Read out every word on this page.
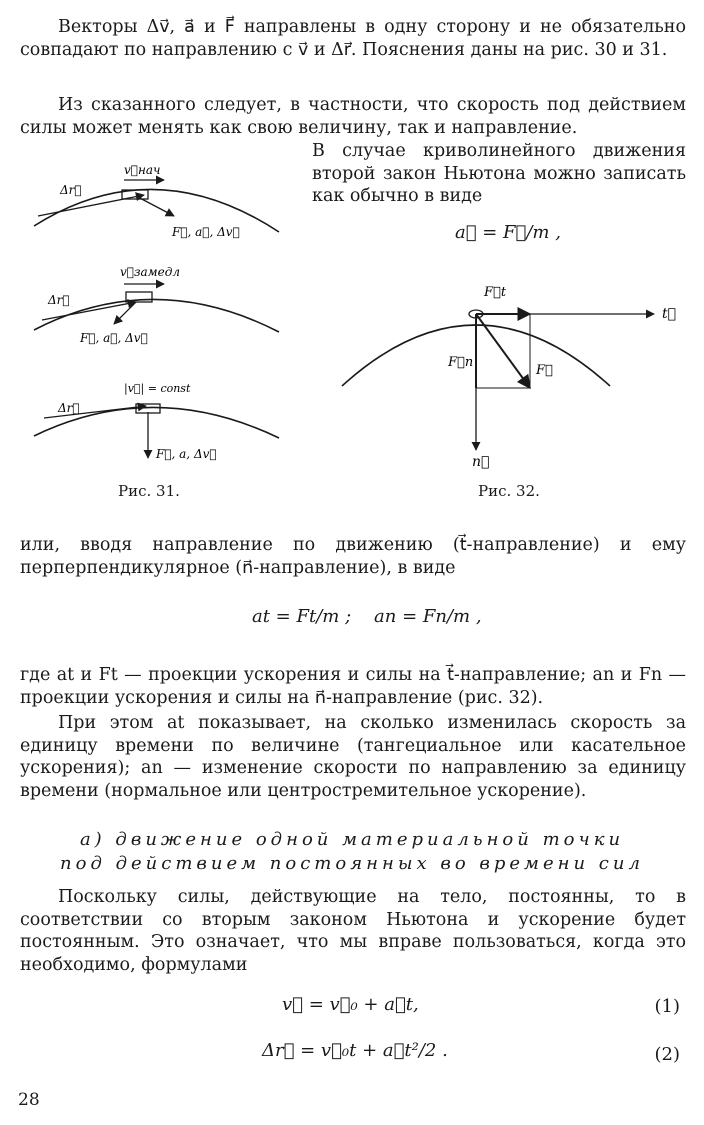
Векторы Δv⃗, a⃗ и F⃗ направлены в одну сторону и не обязательно совпадают по направлению с v⃗ и Δr⃗. Пояснения даны на рис. 30 и 31.

Из сказанного следует, в частности, что скорость под действием силы может менять как свою величину, так и направление.

В случае криволинейного движения второй закон Ньютона можно записать как обычно в виде

a⃗ = F⃗/m ,
v⃗нач
Δr⃗
F⃗, a⃗, Δv⃗
v⃗замедл
Δr⃗
F⃗, a⃗, Δv⃗
|v⃗| = const
Δr⃗
F⃗, a, Δv⃗
Рис. 31.
F⃗t
t⃗
F⃗n
F⃗
n⃗
Рис. 32.

или, вводя направление по движению (t⃗-направление) и ему перперпендикулярное (n⃗-направление), в виде

at = Ft/m ; an = Fn/m ,

где at и Ft — проекции ускорения и силы на t⃗-направление; an и Fn — проекции ускорения и силы на n⃗-направление (рис. 32).

При этом at показывает, на сколько изменилась скорость за единицу времени по величине (тангециальное или касательное ускорения); an — изменение скорости по направлению за единицу времени (нормальное или центростремительное ускорение).

а) движение одной материальной точки
под действием постоянных во времени сил

Поскольку силы, действующие на тело, постоянны, то в соответствии со вторым законом Ньютона и ускорение будет постоянным. Это означает, что мы вправе пользоваться, когда это необходимо, формулами

v⃗ = v⃗₀ + a⃗t,	(1)
Δr⃗ = v⃗₀t + a⃗t²/2 .	(2)
28
